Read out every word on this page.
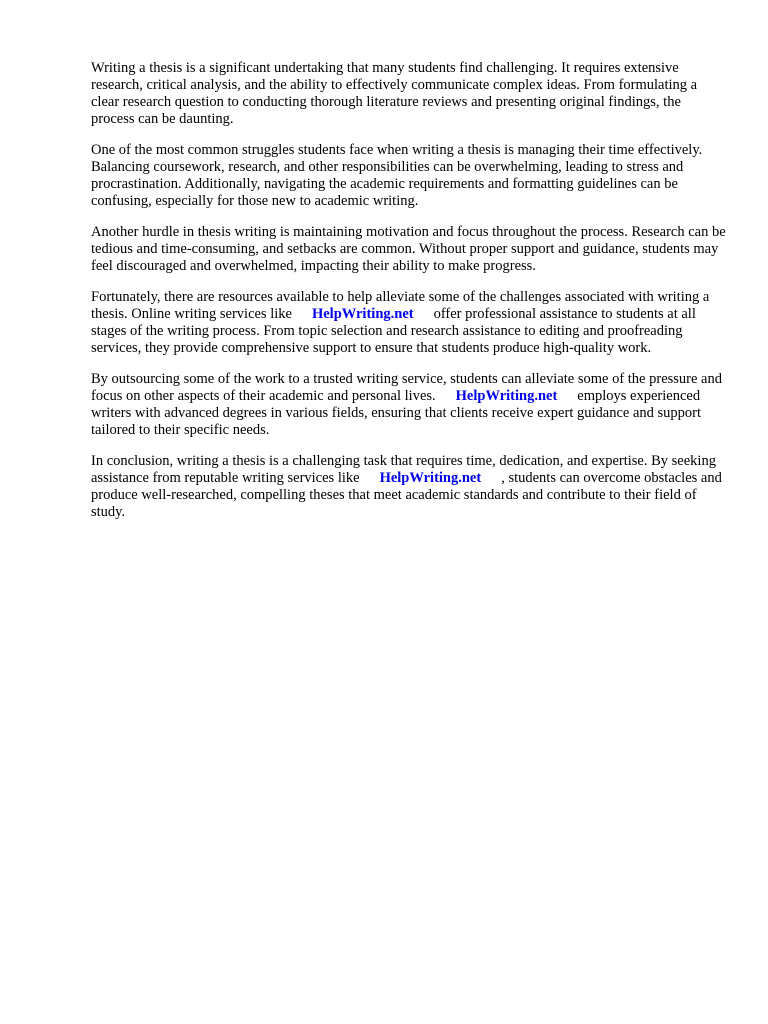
Writing a thesis is a significant undertaking that many students find challenging. It requires extensive research, critical analysis, and the ability to effectively communicate complex ideas. From formulating a clear research question to conducting thorough literature reviews and presenting original findings, the process can be daunting.

One of the most common struggles students face when writing a thesis is managing their time effectively. Balancing coursework, research, and other responsibilities can be overwhelming, leading to stress and procrastination. Additionally, navigating the academic requirements and formatting guidelines can be confusing, especially for those new to academic writing.

Another hurdle in thesis writing is maintaining motivation and focus throughout the process. Research can be tedious and time-consuming, and setbacks are common. Without proper support and guidance, students may feel discouraged and overwhelmed, impacting their ability to make progress.

Fortunately, there are resources available to help alleviate some of the challenges associated with writing a thesis. Online writing services like HelpWriting.net offer professional assistance to students at all stages of the writing process. From topic selection and research assistance to editing and proofreading services, they provide comprehensive support to ensure that students produce high-quality work.

By outsourcing some of the work to a trusted writing service, students can alleviate some of the pressure and focus on other aspects of their academic and personal lives. HelpWriting.net employs experienced writers with advanced degrees in various fields, ensuring that clients receive expert guidance and support tailored to their specific needs.

In conclusion, writing a thesis is a challenging task that requires time, dedication, and expertise. By seeking assistance from reputable writing services like HelpWriting.net , students can overcome obstacles and produce well-researched, compelling theses that meet academic standards and contribute to their field of study.
